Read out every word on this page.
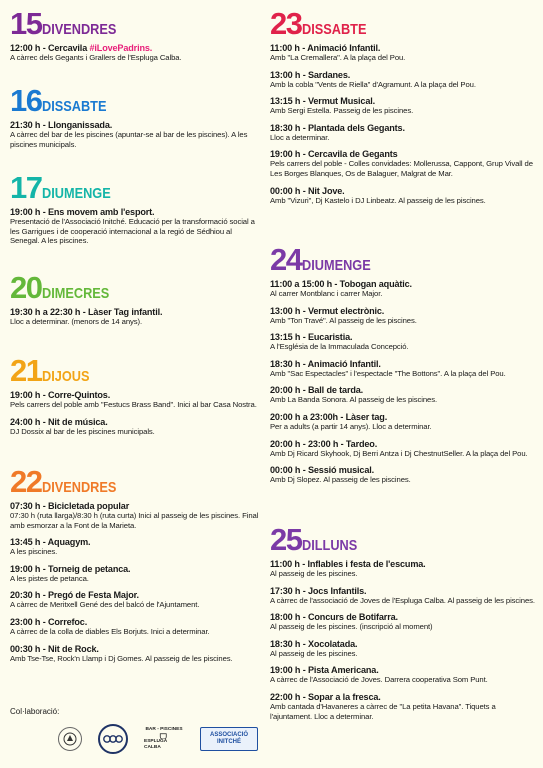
15 DIVENDRES
12:00 h - Cercavila #iLovePadrins.
A càrrec dels Gegants i Grallers de l'Espluga Calba.
16 DISSABTE
21:30 h - Llonganissada.
A càrrec del bar de les piscines (apuntar-se al bar de les piscines). A les piscines municipals.
17 DIUMENGE
19:00 h - Ens movem amb l'esport.
Presentació de l'Associació Initché. Educació per la transformació social a les Garrigues i de cooperació internacional a la regió de Sédhiou al Senegal. A les piscines.
20 DIMECRES
19:30 h a 22:30 h - Làser Tag infantil.
Lloc a determinar. (menors de 14 anys).
21 DIJOUS
19:00 h - Corre-Quintos.
Pels carrers del poble amb "Festucs Brass Band". Inici al bar Casa Nostra.
24:00 h - Nit de música.
DJ Dossix al bar de les piscines municipals.
22 DIVENDRES
07:30 h - Bicicletada popular
07:30 h (ruta llarga)/8:30 h (ruta curta) Inici al passeig de les piscines. Final amb esmorzar a la Font de la Marieta.
13:45 h - Aquagym.
A les piscines.
19:00 h - Torneig de petanca.
A les pistes de petanca.
20:30 h - Pregó de Festa Major.
A càrrec de Meritxell Gené des del balcó de l'Ajuntament.
23:00 h - Correfoc.
A càrrec de la colla de diables Els Borjuts. Inici a determinar.
00:30 h - Nit de Rock.
Amb Tse-Tse, Rock'n Llamp i Dj Gomes. Al passeig de les piscines.
23 DISSABTE
11:00 h - Animació Infantil.
Amb "La Cremallera". A la plaça del Pou.
13:00 h - Sardanes.
Amb la cobla "Vents de Riella" d'Agramunt. A la plaça del Pou.
13:15 h - Vermut Musical.
Amb Sergi Estella. Passeig de les piscines.
18:30 h - Plantada dels Gegants.
Lloc a determinar.
19:00 h - Cercavila de Gegants
Pels carrers del poble - Colles convidades: Mollerussa, Cappont, Grup Vivall de Les Borges Blanques, Os de Balaguer, Malgrat de Mar.
00:00 h - Nit Jove.
Amb "Vizuri", Dj Kastelo i DJ Linbeatz. Al passeig de les piscines.
24 DIUMENGE
11:00 a 15:00 h - Tobogan aquàtic.
Al carrer Montblanc i carrer Major.
13:00 h - Vermut electrònic.
Amb "Ton Travé". Al passeig de les piscines.
13:15 h - Eucaristia.
A l'Església de la Immaculada Concepció.
18:30 h - Animació Infantil.
Amb "Sac Espectacles" i l'espectacle "The Bottons". A la plaça del Pou.
20:00 h - Ball de tarda.
Amb La Banda Sonora. Al passeig de les piscines.
20:00 h a 23:00h - Làser tag.
Per a adults (a partir 14 anys). Lloc a determinar.
20:00 h - 23:00 h - Tardeo.
Amb Dj Ricard Skyhook, Dj Berri Antza i Dj ChestnutSeller. A la plaça del Pou.
00:00 h - Sessió musical.
Amb Dj Slopez. Al passeig de les piscines.
25 DILLUNS
11:00 h - Inflables i festa de l'escuma.
Al passeig de les piscines.
17:30 h - Jocs Infantils.
A càrrec de l'associació de Joves de l'Espluga Calba. Al passeig de les piscines.
18:00 h - Concurs de Botifarra.
Al passeig de les piscines. (inscripció al moment)
18:30 h - Xocolatada.
Al passeig de les piscines.
19:00 h - Pista Americana.
A càrrec de l'Associació de Joves. Darrera cooperativa Som Punt.
22:00 h - Sopar a la fresca.
Amb cantada d'Havaneres a càrrec de "La petita Havana". Tiquets a l'ajuntament. Lloc a determinar.
Col·laboració:
BAR - PISCINES
ESPLUGA CALBA
ASSOCIACIÓ
INITCHÉ
